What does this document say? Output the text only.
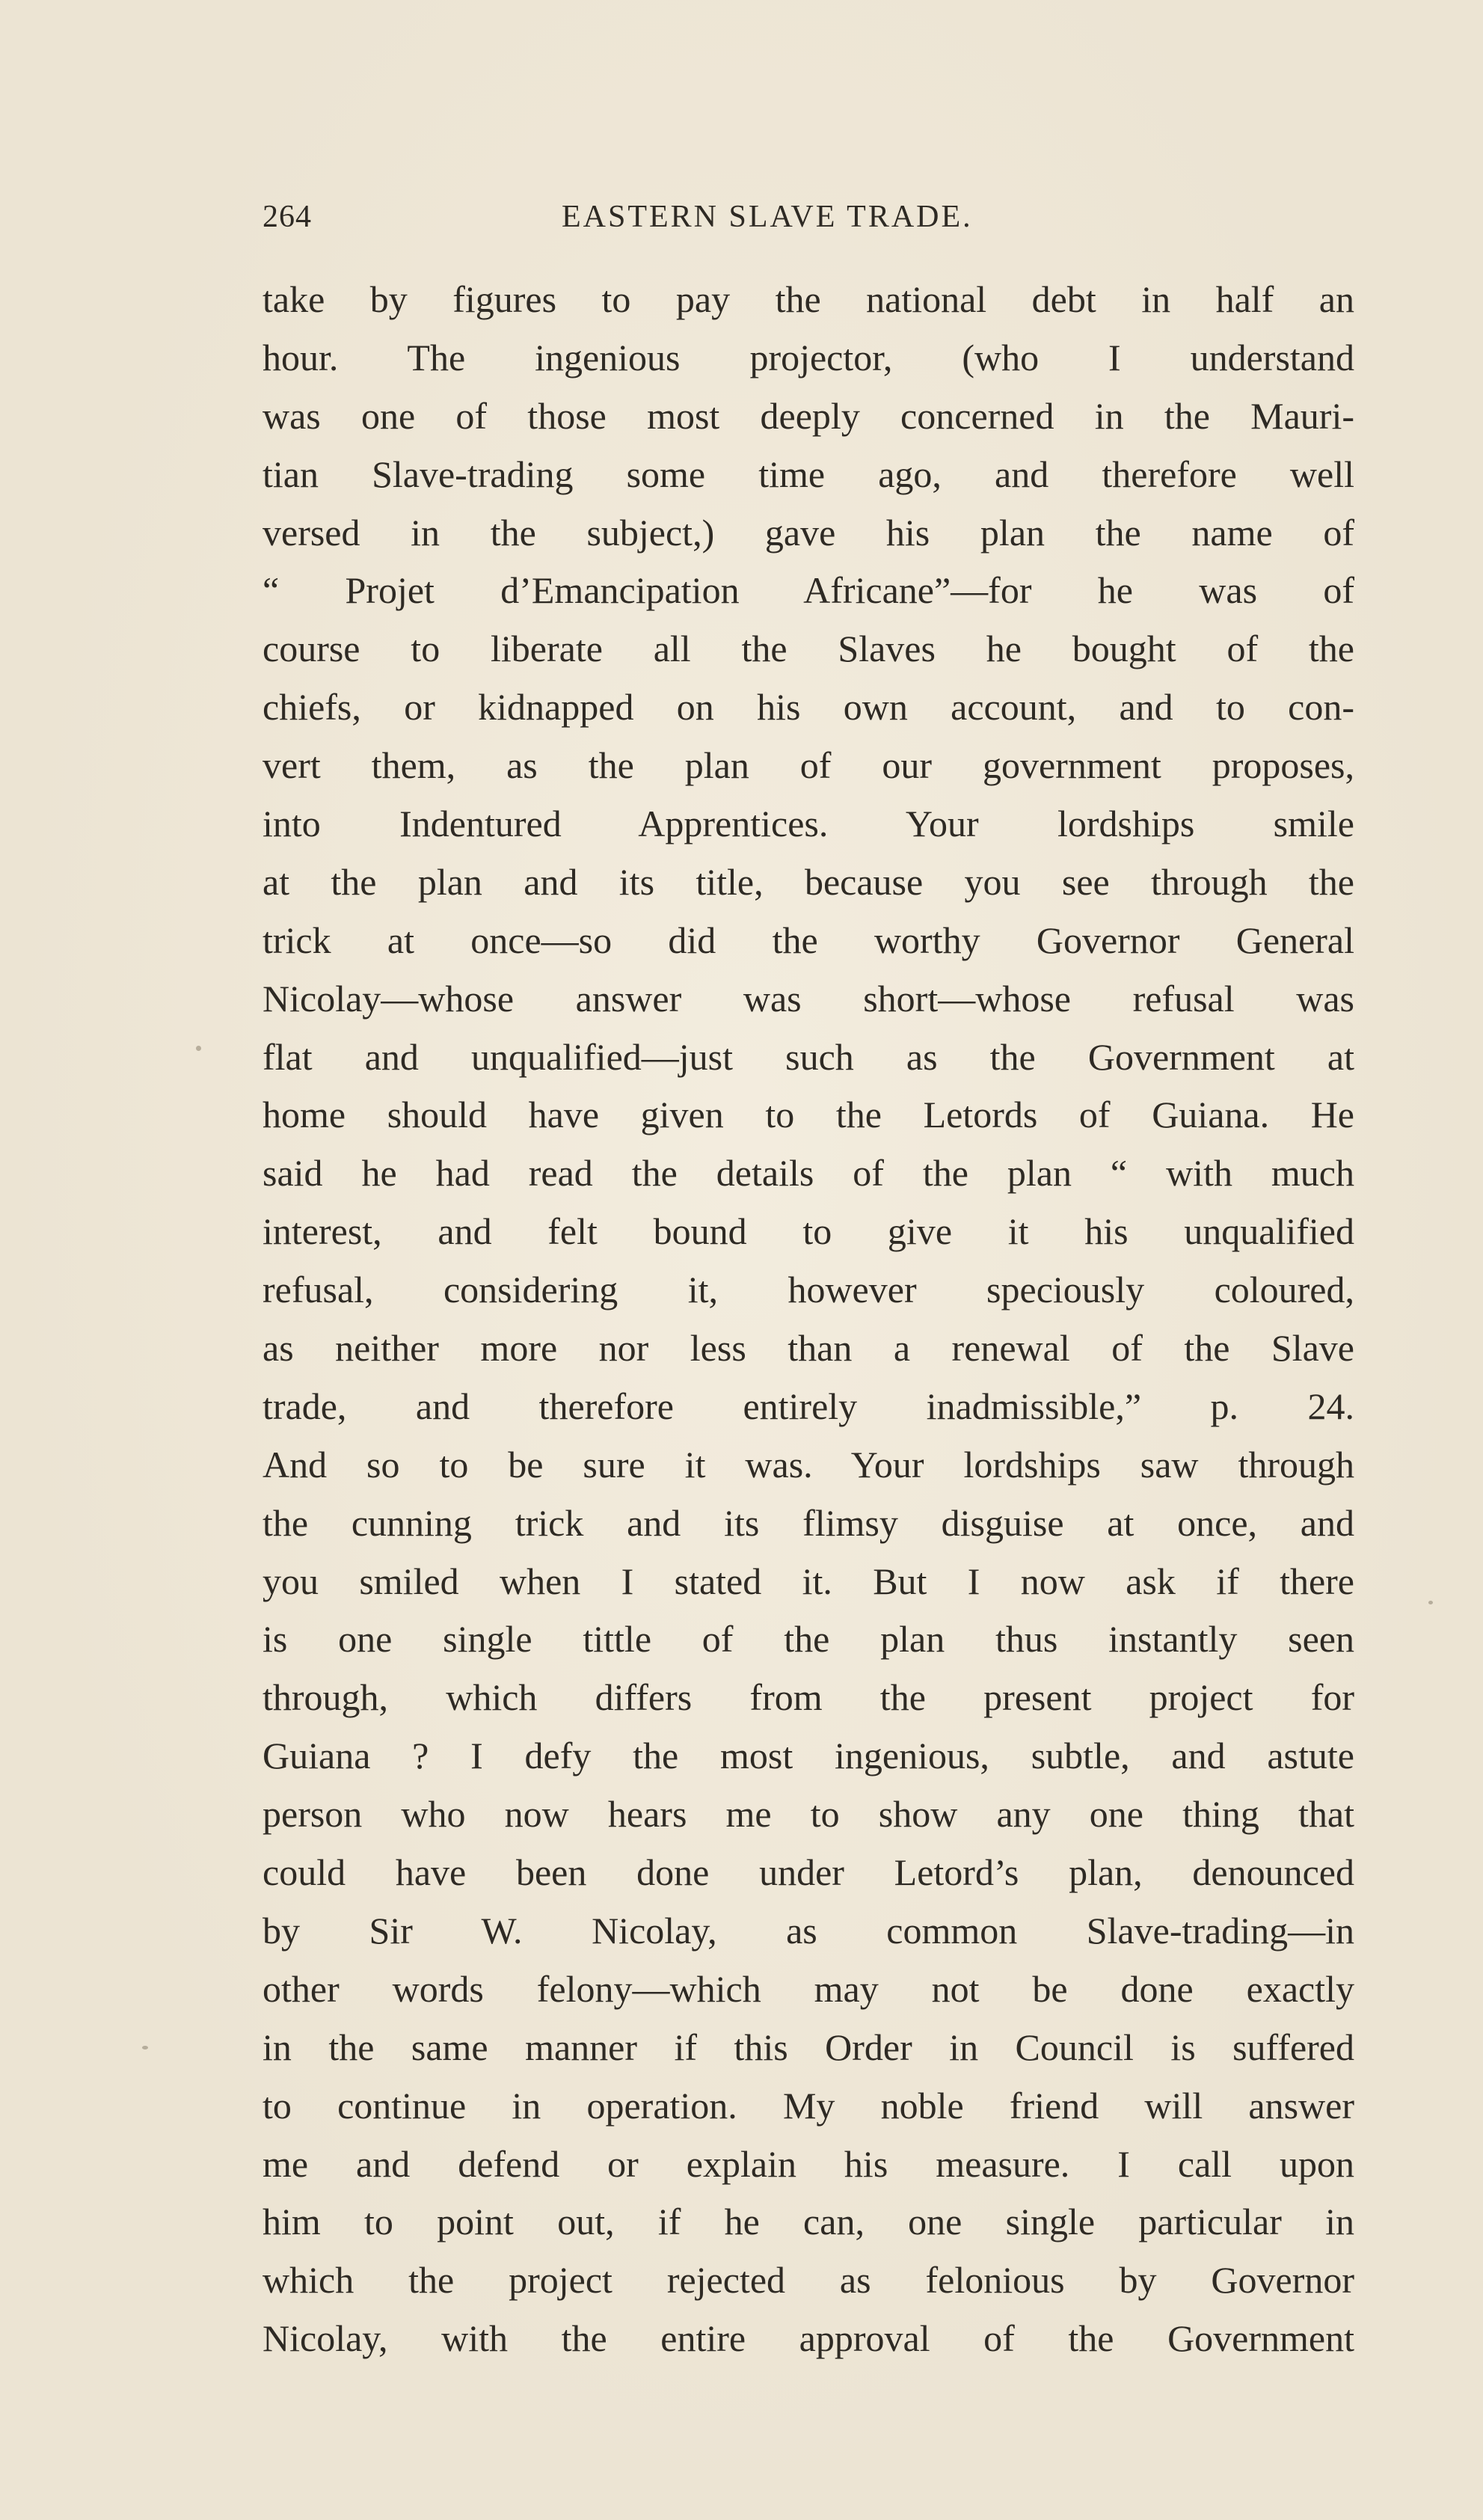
264	EASTERN SLAVE TRADE.
take by figures to pay the national debt in half an
hour. The ingenious projector, (who I understand
was one of those most deeply concerned in the Mauri-
tian Slave-trading some time ago, and therefore well
versed in the subject,) gave his plan the name of
“ Projet d’Emancipation Africane”—for he was of
course to liberate all the Slaves he bought of the
chiefs, or kidnapped on his own account, and to con-
vert them, as the plan of our government proposes,
into Indentured Apprentices. Your lordships smile
at the plan and its title, because you see through the
trick at once—so did the worthy Governor General
Nicolay—whose answer was short—whose refusal was
flat and unqualified—just such as the Government at
home should have given to the Letords of Guiana. He
said he had read the details of the plan “ with much
interest, and felt bound to give it his unqualified
refusal, considering it, however speciously coloured,
as neither more nor less than a renewal of the Slave
trade, and therefore entirely inadmissible,” p. 24.
And so to be sure it was. Your lordships saw through
the cunning trick and its flimsy disguise at once, and
you smiled when I stated it. But I now ask if there
is one single tittle of the plan thus instantly seen
through, which differs from the present project for
Guiana ? I defy the most ingenious, subtle, and astute
person who now hears me to show any one thing that
could have been done under Letord’s plan, denounced
by Sir W. Nicolay, as common Slave-trading—in
other words felony—which may not be done exactly
in the same manner if this Order in Council is suffered
to continue in operation. My noble friend will answer
me and defend or explain his measure. I call upon
him to point out, if he can, one single particular in
which the project rejected as felonious by Governor
Nicolay, with the entire approval of the Government
